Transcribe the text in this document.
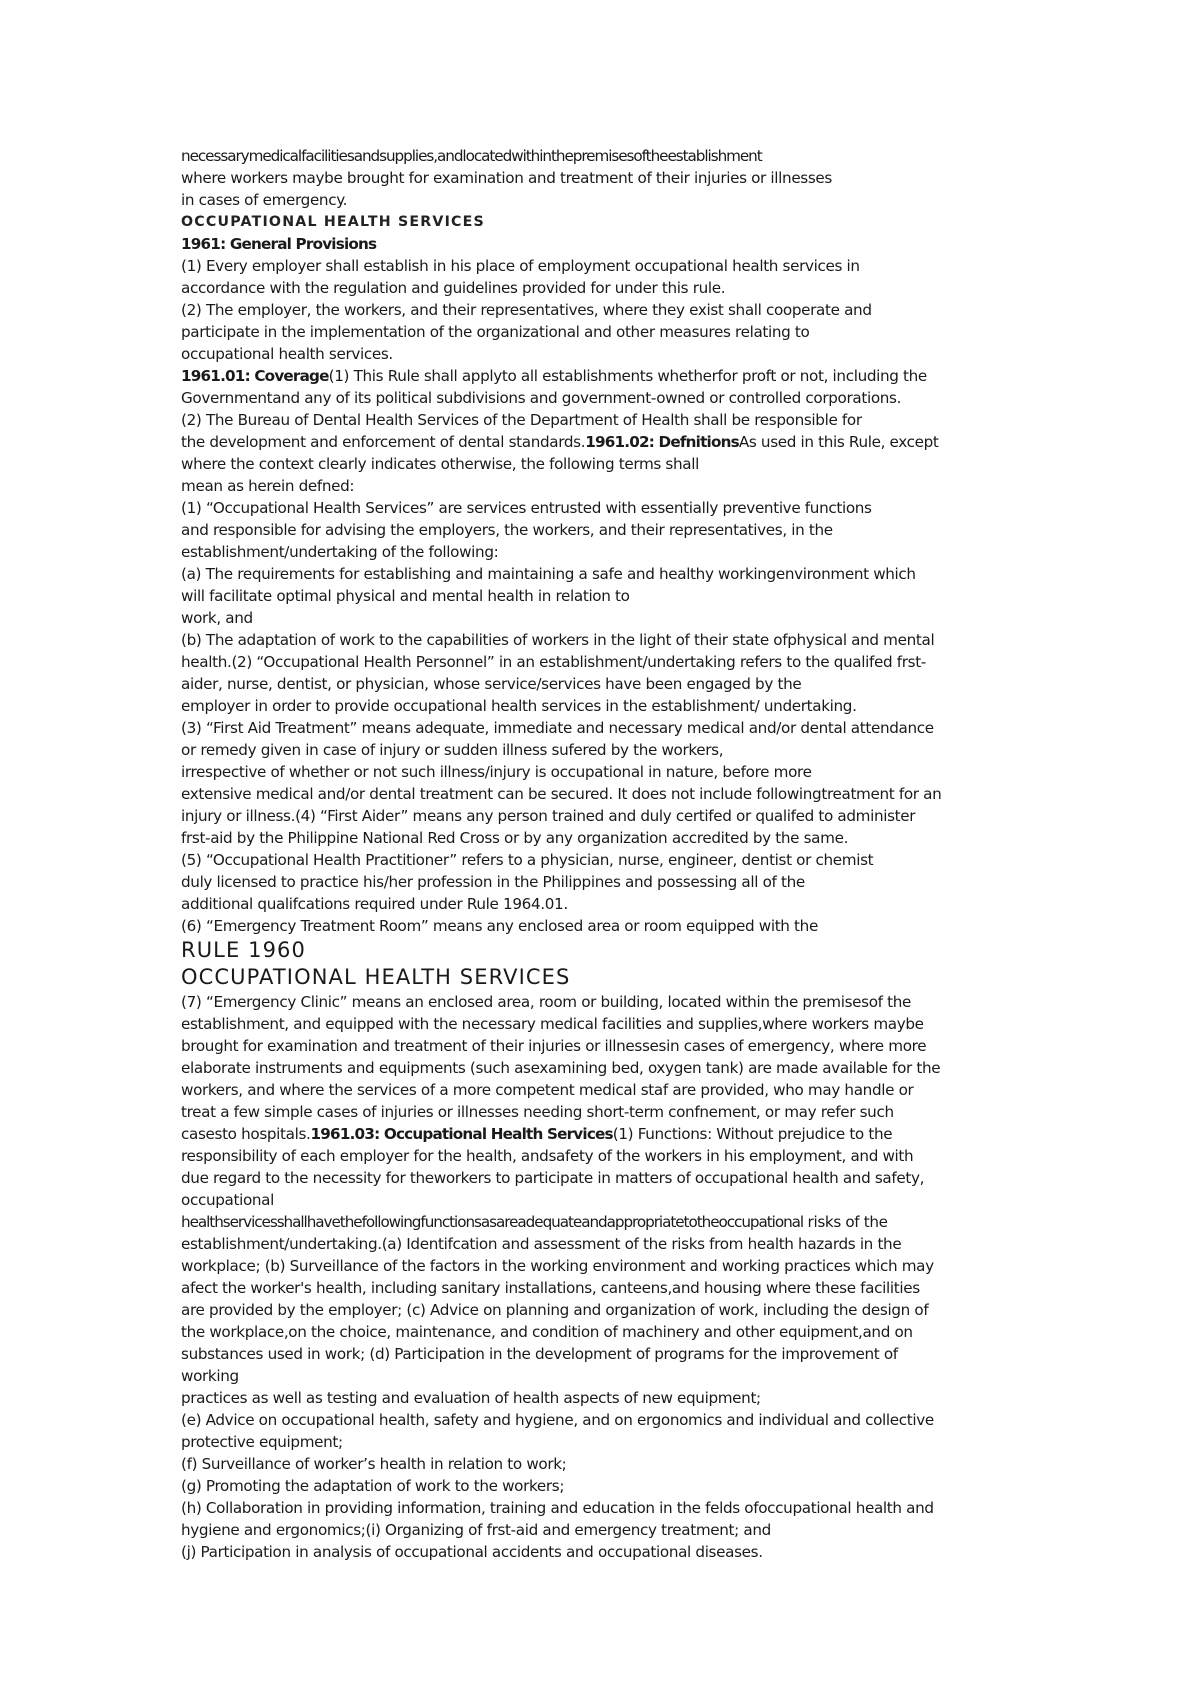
necessarymedicalfacilitiesandsupplies,andlocatedwithinthepremisesoftheestablishment

where workers maybe brought for examination and treatment of their injuries or illnesses

in cases of emergency.

OCCUPATIONAL HEALTH SERVICES

1961: General Provisions

(1) Every employer shall establish in his place of employment occupational health services in

accordance with the regulation and guidelines provided for under this rule.

(2) The employer, the workers, and their representatives, where they exist shall cooperate and

participate in the implementation of the organizational and other measures relating to

occupational health services.

1961.01: Coverage(1) This Rule shall applyto all establishments whetherfor proft or not, including the

Governmentand any of its political subdivisions and government-owned or controlled corporations.

(2) The Bureau of Dental Health Services of the Department of Health shall be responsible for

the development and enforcement of dental standards.1961.02: DefnitionsAs used in this Rule, except

where the context clearly indicates otherwise, the following terms shall

mean as herein defned:

(1) “Occupational Health Services” are services entrusted with essentially preventive functions

and responsible for advising the employers, the workers, and their representatives, in the

establishment/undertaking of the following:

(a) The requirements for establishing and maintaining a safe and healthy workingenvironment which

will facilitate optimal physical and mental health in relation to

work, and

(b) The adaptation of work to the capabilities of workers in the light of their state ofphysical and mental

health.(2) “Occupational Health Personnel” in an establishment/undertaking refers to the qualifed frst-

aider, nurse, dentist, or physician, whose service/services have been engaged by the

employer in order to provide occupational health services in the establishment/ undertaking.

(3) “First Aid Treatment” means adequate, immediate and necessary medical and/or dental attendance

or remedy given in case of injury or sudden illness sufered by the workers,

irrespective of whether or not such illness/injury is occupational in nature, before more

extensive medical and/or dental treatment can be secured. It does not include followingtreatment for an

injury or illness.(4) “First Aider” means any person trained and duly certifed or qualifed to administer

frst-aid by the Philippine National Red Cross or by any organization accredited by the same.

(5) “Occupational Health Practitioner” refers to a physician, nurse, engineer, dentist or chemist

duly licensed to practice his/her profession in the Philippines and possessing all of the

additional qualifcations required under Rule 1964.01.

(6) “Emergency Treatment Room” means any enclosed area or room equipped with the

RULE 1960

OCCUPATIONAL HEALTH SERVICES

(7) “Emergency Clinic” means an enclosed area, room or building, located within the premisesof the

establishment, and equipped with the necessary medical facilities and supplies,where workers maybe

brought for examination and treatment of their injuries or illnessesin cases of emergency, where more

elaborate instruments and equipments (such asexamining bed, oxygen tank) are made available for the

workers, and where the services of a more competent medical staf are provided, who may handle or

treat a few simple cases of injuries or illnesses needing short-term confnement, or may refer such

casesto hospitals.1961.03: Occupational Health Services(1) Functions: Without prejudice to the

responsibility of each employer for the health, andsafety of the workers in his employment, and with

due regard to the necessity for theworkers to participate in matters of occupational health and safety,

occupational

healthservicesshallhavethefollowingfunctionsasareadequateandappropriatetotheoccupational risks of the

establishment/undertaking.(a) Identifcation and assessment of the risks from health hazards in the

workplace; (b) Surveillance of the factors in the working environment and working practices which may

afect the worker's health, including sanitary installations, canteens,and housing where these facilities

are provided by the employer; (c) Advice on planning and organization of work, including the design of

the workplace,on the choice, maintenance, and condition of machinery and other equipment,and on

substances used in work; (d) Participation in the development of programs for the improvement of

working

practices as well as testing and evaluation of health aspects of new equipment;

(e) Advice on occupational health, safety and hygiene, and on ergonomics and individual and collective

protective equipment;

(f) Surveillance of worker’s health in relation to work;

(g) Promoting the adaptation of work to the workers;

(h) Collaboration in providing information, training and education in the felds ofoccupational health and

hygiene and ergonomics;(i) Organizing of frst-aid and emergency treatment; and

(j) Participation in analysis of occupational accidents and occupational diseases.
